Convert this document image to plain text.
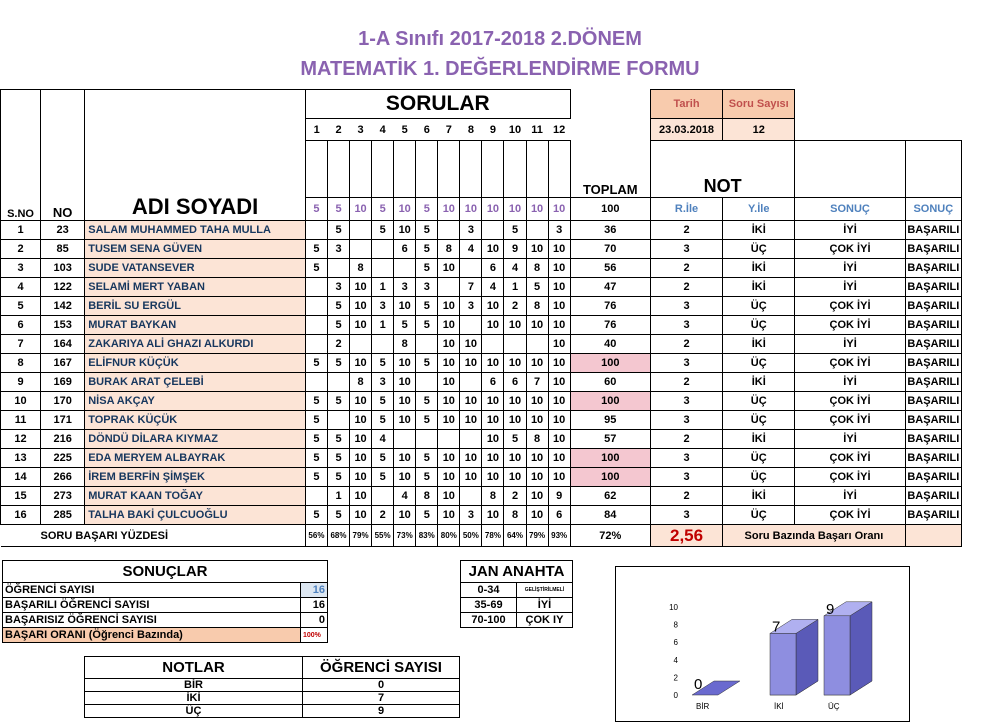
1-A Sınıfı 2017-2018 2.DÖNEM
MATEMATİK 1. DEĞERLENDİRME FORMU
S.NO	NO	ADI SOYADI	SORULAR													Tarih	Soru Sayısı		
			1	2	3	4	5	6	7	8	9	10	11	12		23.03.2018	12		
															TOPLAM	NOT			
			5	5	10	5	10	5	10	10	10	10	10	10	100	R.İle	Y.İle	SONUÇ	SONUÇ
1	23	SALAM MUHAMMED TAHA MULLA		5		5	10	5		3		5		3	36	2	İKİ	İYİ	BAŞARILI
2	85	TUSEM SENA GÜVEN	5	3			6	5	8	4	10	9	10	10	70	3	ÜÇ	ÇOK İYİ	BAŞARILI
3	103	SUDE VATANSEVER	5		8			5	10		6	4	8	10	56	2	İKİ	İYİ	BAŞARILI
4	122	SELAMİ MERT YABAN		3	10	1	3	3		7	4	1	5	10	47	2	İKİ	İYİ	BAŞARILI
5	142	BERİL SU ERGÜL		5	10	3	10	5	10	3	10	2	8	10	76	3	ÜÇ	ÇOK İYİ	BAŞARILI
6	153	MURAT BAYKAN		5	10	1	5	5	10		10	10	10	10	76	3	ÜÇ	ÇOK İYİ	BAŞARILI
7	164	ZAKARIYA ALİ GHAZI ALKURDI		2			8		10	10				10	40	2	İKİ	İYİ	BAŞARILI
8	167	ELİFNUR KÜÇÜK	5	5	10	5	10	5	10	10	10	10	10	10	100	3	ÜÇ	ÇOK İYİ	BAŞARILI
9	169	BURAK ARAT ÇELEBİ			8	3	10		10		6	6	7	10	60	2	İKİ	İYİ	BAŞARILI
10	170	NİSA AKÇAY	5	5	10	5	10	5	10	10	10	10	10	10	100	3	ÜÇ	ÇOK İYİ	BAŞARILI
11	171	TOPRAK KÜÇÜK	5		10	5	10	5	10	10	10	10	10	10	95	3	ÜÇ	ÇOK İYİ	BAŞARILI
12	216	DÖNDÜ DİLARA KIYMAZ	5	5	10	4					10	5	8	10	57	2	İKİ	İYİ	BAŞARILI
13	225	EDA MERYEM ALBAYRAK	5	5	10	5	10	5	10	10	10	10	10	10	100	3	ÜÇ	ÇOK İYİ	BAŞARILI
14	266	İREM BERFİN ŞİMŞEK	5	5	10	5	10	5	10	10	10	10	10	10	100	3	ÜÇ	ÇOK İYİ	BAŞARILI
15	273	MURAT KAAN TOĞAY		1	10		4	8	10		8	2	10	9	62	2	İKİ	İYİ	BAŞARILI
16	285	TALHA BAKİ ÇULCUOĞLU	5	5	10	2	10	5	10	3	10	8	10	6	84	3	ÜÇ	ÇOK İYİ	BAŞARILI
SORU BAŞARI YÜZDESİ			56%	68%	79%	55%	73%	83%	80%	50%	78%	64%	79%	93%	72%	2,56	Soru Bazında Başarı Oranı		
SONUÇLAR	
ÖĞRENCİ SAYISI	16
BAŞARILI ÖĞRENCİ SAYISI	16
BAŞARISIZ ÖĞRENCİ SAYISI	0
BAŞARI ORANI (Öğrenci Bazında)	100%
JAN ANAHTA	
0-34	GELİŞTİRİLMELİ
35-69	İYİ
70-100	ÇOK IY
NOTLAR	ÖĞRENCİ SAYISI
BİR	0
İKİ	7
ÜÇ	9
0
2
4
6
8
10
0
BİR
7
İKİ
9
ÜÇ
